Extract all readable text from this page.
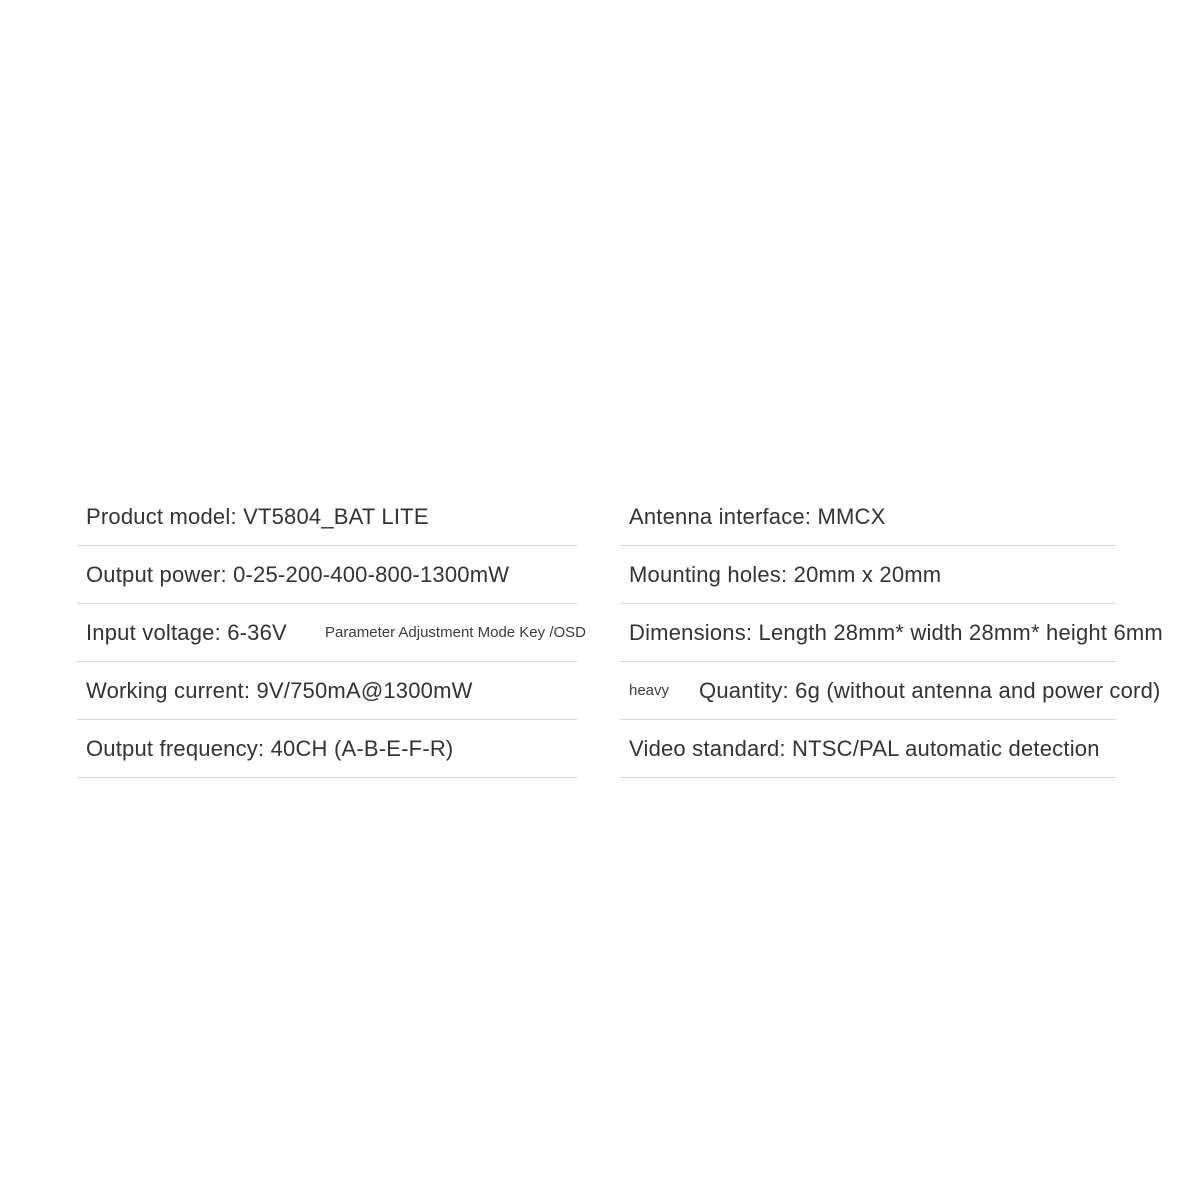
Product model: VT5804_BAT LITE
Output power: 0-25-200-400-800-1300mW
Input voltage: 6-36V	Parameter Adjustment Mode Key /OSD
Working current: 9V/750mA@1300mW
Output frequency: 40CH (A-B-E-F-R)
Antenna interface: MMCX
Mounting holes: 20mm x 20mm
Dimensions: Length 28mm* width 28mm* height 6mm
heavy Quantity: 6g (without antenna and power cord)
Video standard: NTSC/PAL automatic detection
